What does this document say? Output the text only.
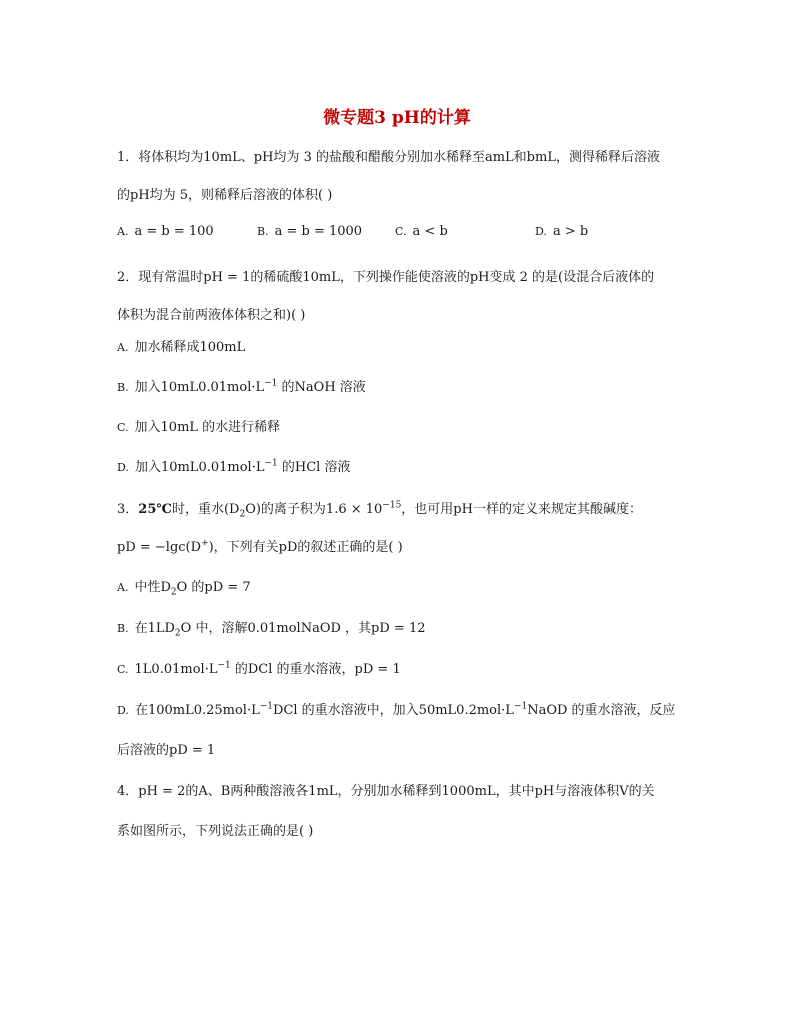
微专题3 pH的计算
1．将体积均为10mL、pH均为 3 的盐酸和醋酸分别加水稀释至amL和bmL，测得稀释后溶液
的pH均为 5，则稀释后溶液的体积( )
A. a = b = 100	B. a = b = 1000	C. a < b	D. a > b
2．现有常温时pH = 1的稀硫酸10mL，下列操作能使溶液的pH变成 2 的是(设混合后液体的
体积为混合前两液体体积之和)( )
A. 加水稀释成100mL
B. 加入$10mL0.01mol\cdot L^{-1}$ 的NaOH 溶液
C. 加入10mL 的水进行稀释
D. 加入$10mL0.01mol\cdot L^{-1}$ 的HCl 溶液
3．25℃时，重水$(D_2O)$的离子积为$1.6 \times 10^{-15}$，也可用pH一样的定义来规定其酸碱度：
pD = −lgc(D+)，下列有关pD的叙述正确的是( )
A. 中性$D_2O$ 的pD = 7
B. 在$1LD_2O$ 中，溶解0.01molNaOD ，其pD = 12
C. $1L0.01mol\cdot L^{-1}$ 的DCl 的重水溶液，pD = 1
D. 在$100mL0.25mol\cdot L^{-1}DCl$ 的重水溶液中，加入$50mL0.2mol\cdot L^{-1}NaOD$ 的重水溶液，反应
后溶液的pD = 1
4．pH = 2的A、B两种酸溶液各1mL，分别加水稀释到1000mL，其中pH与溶液体积V的关
系如图所示，下列说法正确的是( )
